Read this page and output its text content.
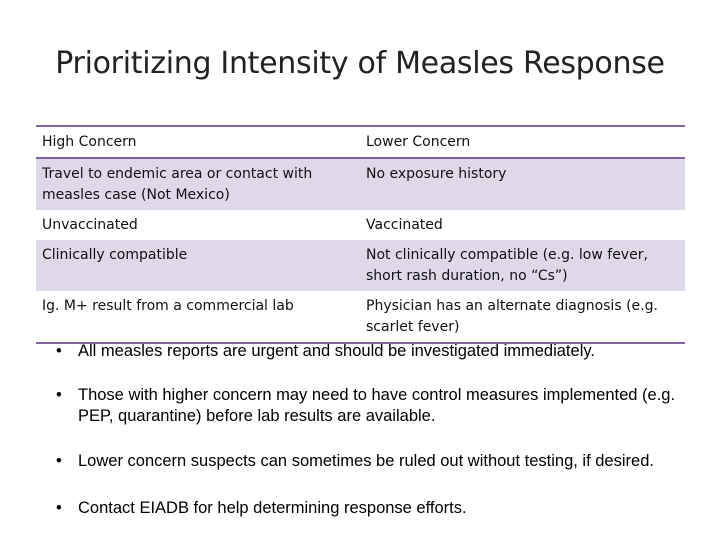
Prioritizing Intensity of Measles Response
High Concern	Lower Concern
Travel to endemic area or contact with measles case (Not Mexico)	No exposure history
Unvaccinated	Vaccinated
Clinically compatible	Not clinically compatible (e.g. low fever, short rash duration, no “Cs”)
Ig. M+ result from a commercial lab	Physician has an alternate diagnosis (e.g. scarlet fever)
• All measles reports are urgent and should be investigated immediately.
• Those with higher concern may need to have control measures implemented (e.g. PEP, quarantine) before lab results are available.
• Lower concern suspects can sometimes be ruled out without testing, if desired.
• Contact EIADB for help determining response efforts.
